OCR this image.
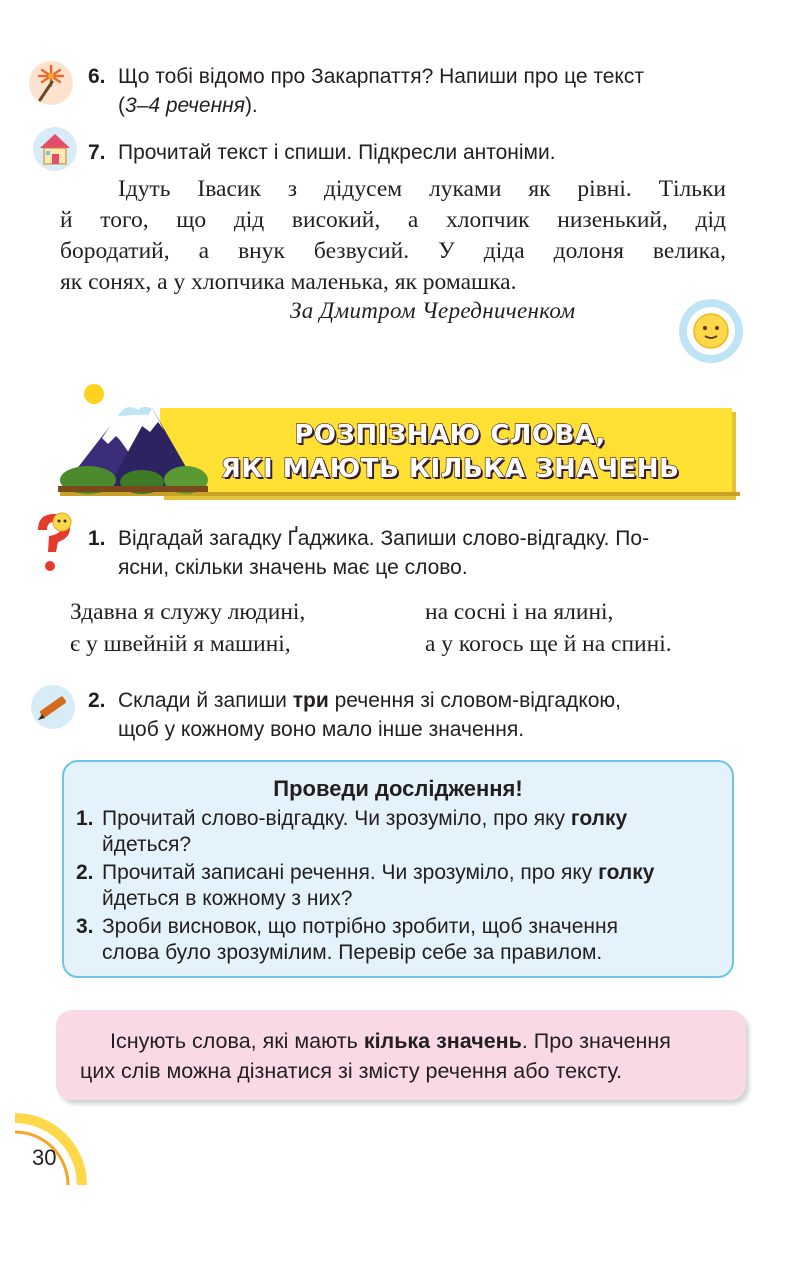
6. Що тобі відомо про Закарпаття? Напиши про це текст
(3–4 речення).
7. Прочитай текст і спиши. Підкресли антоніми.
Ідуть Івасик з дідусем луками як рівні. Тільки
й того, що дід високий, а хлопчик низенький, дід
бородатий, а внук безвусий. У діда долоня велика,
як сонях, а у хлопчика маленька, як ромашка.
За Дмитром Чередниченком
РОЗПІЗНАЮ СЛОВА,
ЯКІ МАЮТЬ КІЛЬКА ЗНАЧЕНЬ
1. Відгадай загадку Ґаджика. Запиши слово-відгадку. По-
ясни, скільки значень має це слово.
Здавна я служу людині,
є у швейній я машині,
на сосні і на ялині,
а у когось ще й на спині.
2. Склади й запиши три речення зі словом-відгадкою,
щоб у кожному воно мало інше значення.
Проведи дослідження!
1. Прочитай слово-відгадку. Чи зрозуміло, про яку голку
йдеться?
2. Прочитай записані речення. Чи зрозуміло, про яку голку
йдеться в кожному з них?
3. Зроби висновок, що потрібно зробити, щоб значення
слова було зрозумілим. Перевір себе за правилом.
Існують слова, які мають кілька значень. Про значення
цих слів можна дізнатися зі змісту речення або тексту.
30
